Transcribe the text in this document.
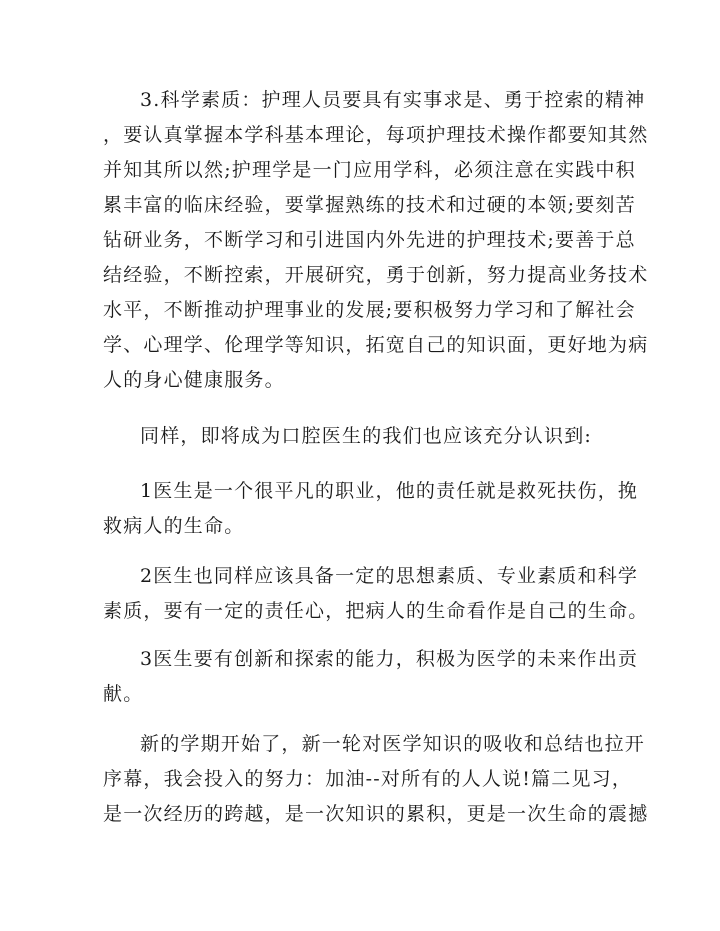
3.科学素质：护理人员要具有实事求是、勇于控索的精神
，要认真掌握本学科基本理论，每项护理技术操作都要知其然
并知其所以然;护理学是一门应用学科，必须注意在实践中积
累丰富的临床经验，要掌握熟练的技术和过硬的本领;要刻苦
钻研业务，不断学习和引进国内外先进的护理技术;要善于总
结经验，不断控索，开展研究，勇于创新，努力提高业务技术
水平，不断推动护理事业的发展;要积极努力学习和了解社会
学、心理学、伦理学等知识，拓宽自己的知识面，更好地为病
人的身心健康服务。
同样，即将成为口腔医生的我们也应该充分认识到:
1医生是一个很平凡的职业，他的责任就是救死扶伤，挽
救病人的生命。
2医生也同样应该具备一定的思想素质、专业素质和科学
素质，要有一定的责任心，把病人的生命看作是自己的生命。
3医生要有创新和探索的能力，积极为医学的未来作出贡
献。
新的学期开始了，新一轮对医学知识的吸收和总结也拉开
序幕，我会投入的努力：加油--对所有的人人说!篇二见习，
是一次经历的跨越，是一次知识的累积，更是一次生命的震撼
